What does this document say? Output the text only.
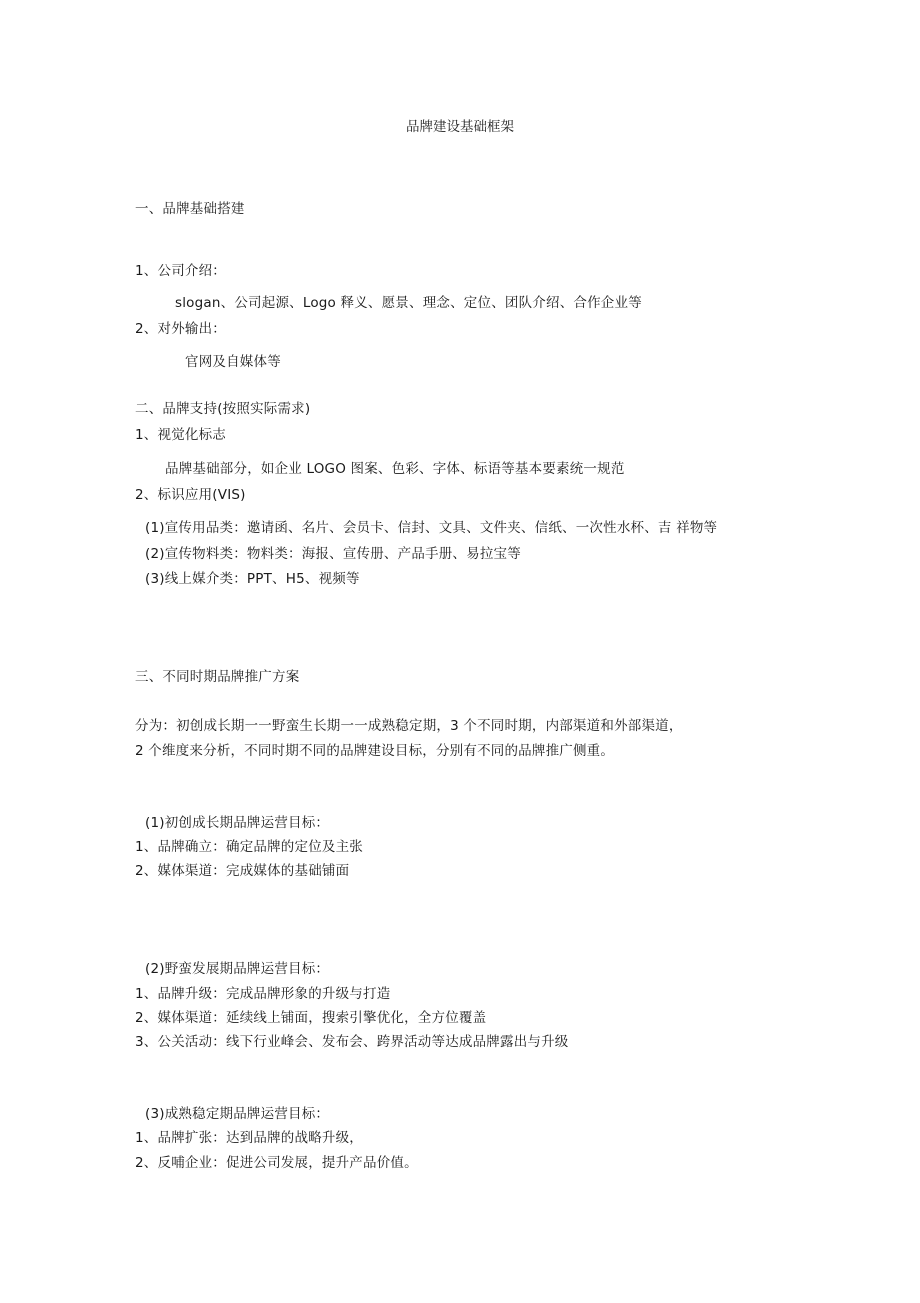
品牌建设基础框架
一、品牌基础搭建
1、公司介绍：
slogan、公司起源、Logo 释义、愿景、理念、定位、团队介绍、合作企业等
2、对外输出：
官网及自媒体等
二、品牌支持(按照实际需求)
1、视觉化标志
品牌基础部分，如企业 LOGO 图案、色彩、字体、标语等基本要素统一规范
2、标识应用(VIS)
(1)宣传用品类：邀请函、名片、会员卡、信封、文具、文件夹、信纸、一次性水杯、吉 祥物等
(2)宣传物料类：物料类：海报、宣传册、产品手册、易拉宝等
(3)线上媒介类：PPT、H5、视频等
三、不同时期品牌推广方案
分为：初创成长期一一野蛮生长期一一成熟稳定期，3 个不同时期，内部渠道和外部渠道，
2 个维度来分析，不同时期不同的品牌建设目标，分别有不同的品牌推广侧重。
(1)初创成长期品牌运营目标：
1、品牌确立：确定品牌的定位及主张
2、媒体渠道：完成媒体的基础铺面
(2)野蛮发展期品牌运营目标：
1、品牌升级：完成品牌形象的升级与打造
2、媒体渠道：延续线上铺面，搜索引擎优化，全方位覆盖
3、公关活动：线下行业峰会、发布会、跨界活动等达成品牌露出与升级
(3)成熟稳定期品牌运营目标：
1、品牌扩张：达到品牌的战略升级，
2、反哺企业：促进公司发展，提升产品价值。
